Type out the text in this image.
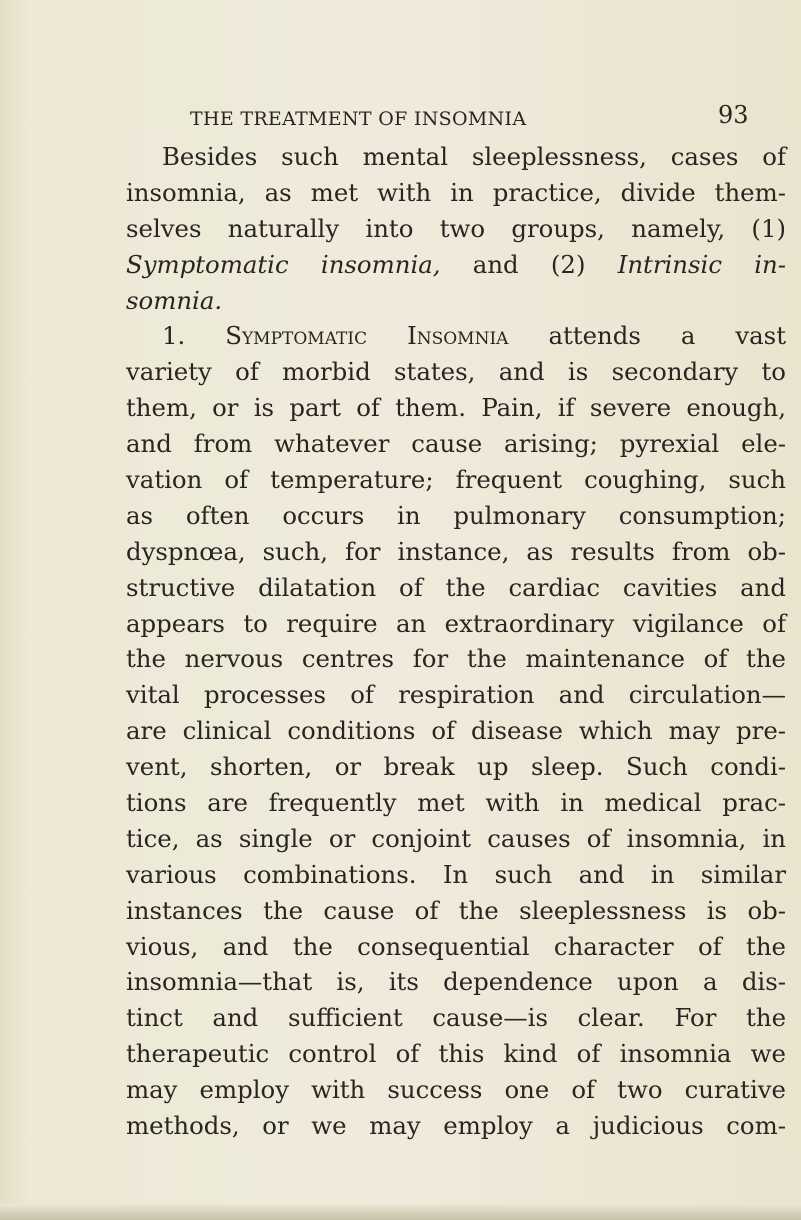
THE TREATMENT OF INSOMNIA	93
Besides such mental sleeplessness, cases of
insomnia, as met with in practice, divide them-
selves naturally into two groups, namely, (1)
Symptomatic insomnia, and (2) Intrinsic in-
somnia.
1. Symptomatic Insomnia attends a vast
variety of morbid states, and is secondary to
them, or is part of them. Pain, if severe enough,
and from whatever cause arising; pyrexial ele-
vation of temperature; frequent coughing, such
as often occurs in pulmonary consumption;
dyspnœa, such, for instance, as results from ob-
structive dilatation of the cardiac cavities and
appears to require an extraordinary vigilance of
the nervous centres for the maintenance of the
vital processes of respiration and circulation—
are clinical conditions of disease which may pre-
vent, shorten, or break up sleep. Such condi-
tions are frequently met with in medical prac-
tice, as single or conjoint causes of insomnia, in
various combinations. In such and in similar
instances the cause of the sleeplessness is ob-
vious, and the consequential character of the
insomnia—that is, its dependence upon a dis-
tinct and sufficient cause—is clear. For the
therapeutic control of this kind of insomnia we
may employ with success one of two curative
methods, or we may employ a judicious com-
